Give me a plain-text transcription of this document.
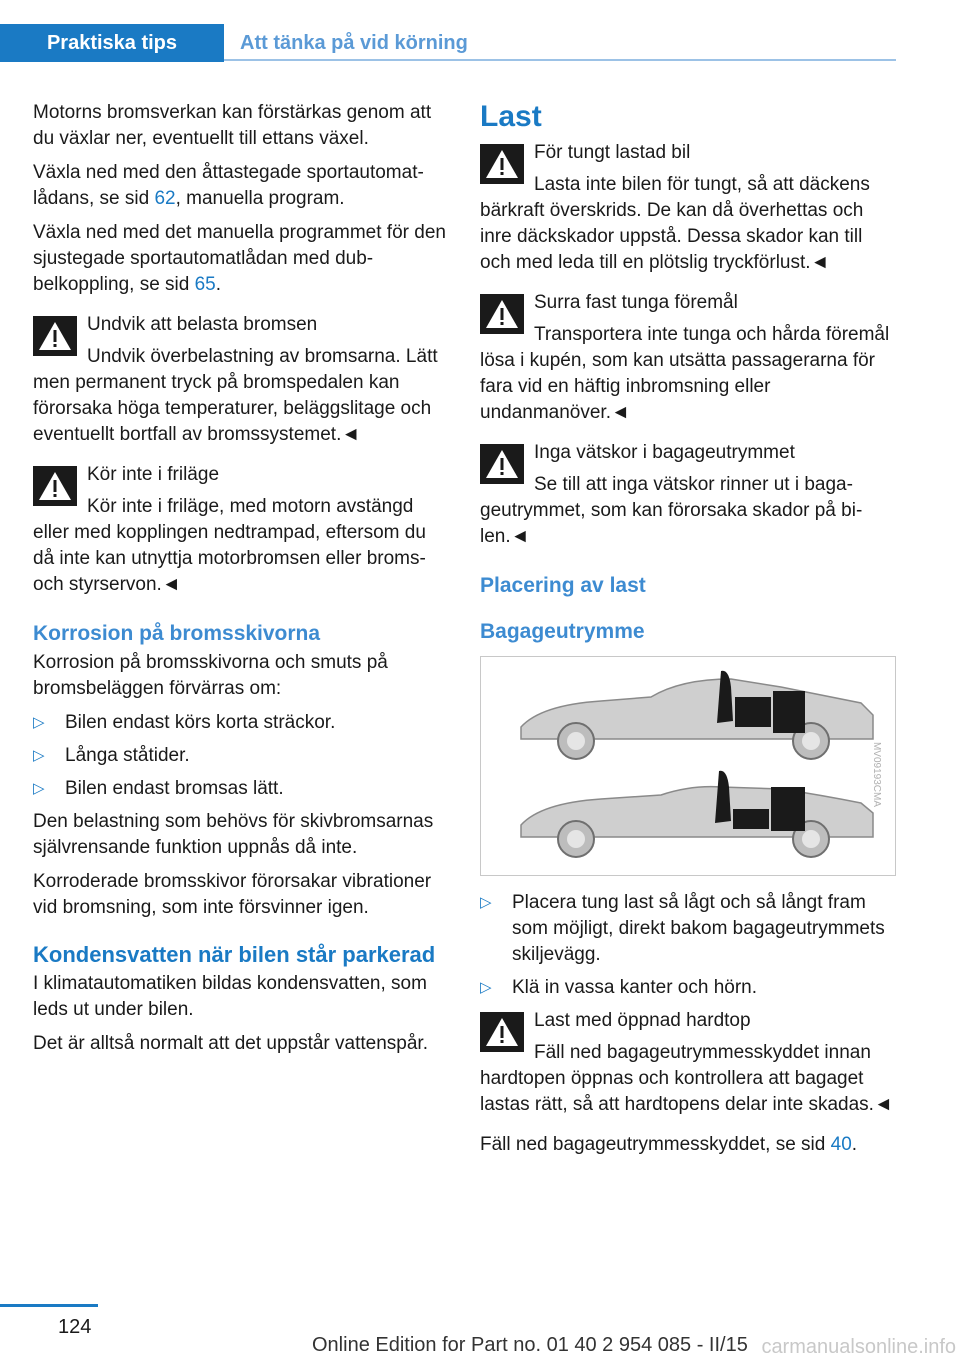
Praktiska tips	Att tänka på vid körning

Motorns bromsverkan kan förstärkas genom att du växlar ner, eventuellt till ettans växel.

Växla ned med den åttastegade sportautomatlådans, se sid 62, manuella program.

Växla ned med det manuella programmet för den sjustegade sportautomatlådan med dubbelkoppling, se sid 65.

Undvik att belasta bromsen

Undvik överbelastning av bromsarna. Lätt men permanent tryck på bromspedalen kan förorsaka höga temperaturer, beläggslitage och eventuellt bortfall av bromssystemet.◄

Kör inte i friläge

Kör inte i friläge, med motorn avstängd eller med kopplingen nedtrampad, eftersom du då inte kan utnyttja motorbromsen eller broms- och styrservon.◄

Korrosion på bromsskivorna

Korrosion på bromsskivorna och smuts på bromsbeläggen förvärras om:

▷ Bilen endast körs korta sträckor.
▷ Långa ståtider.
▷ Bilen endast bromsas lätt.

Den belastning som behövs för skivbromsarnas självrensande funktion uppnås då inte.

Korroderade bromsskivor förorsakar vibrationer vid bromsning, som inte försvinner igen.

Kondensvatten när bilen står parkerad

I klimatautomatiken bildas kondensvatten, som leds ut under bilen.

Det är alltså normalt att det uppstår vattenspår.

Last

För tungt lastad bil

Lasta inte bilen för tungt, så att däckens bärkraft överskrids. De kan då överhettas och inre däckskador uppstå. Dessa skador kan till och med leda till en plötslig tryckförlust.◄

Surra fast tunga föremål

Transportera inte tunga och hårda föremål lösa i kupén, som kan utsätta passagerarna för fara vid en häftig inbromsning eller undanmanöver.◄

Inga vätskor i bagageutrymmet

Se till att inga vätskor rinner ut i bagageutrymmet, som kan förorsaka skador på bilen.◄

Placering av last
Bagageutrymme
MV09193CMA
▷ Placera tung last så lågt och så långt fram som möjligt, direkt bakom bagageutrymmets skiljevägg.
▷ Klä in vassa kanter och hörn.

Last med öppnad hardtop

Fäll ned bagageutrymmesskyddet innan hardtopen öppnas och kontrollera att bagaget lastas rätt, så att hardtopens delar inte skadas.◄

Fäll ned bagageutrymmesskyddet, se sid 40.

124
Online Edition for Part no. 01 40 2 954 085 - II/15 carmanualsonline.info
